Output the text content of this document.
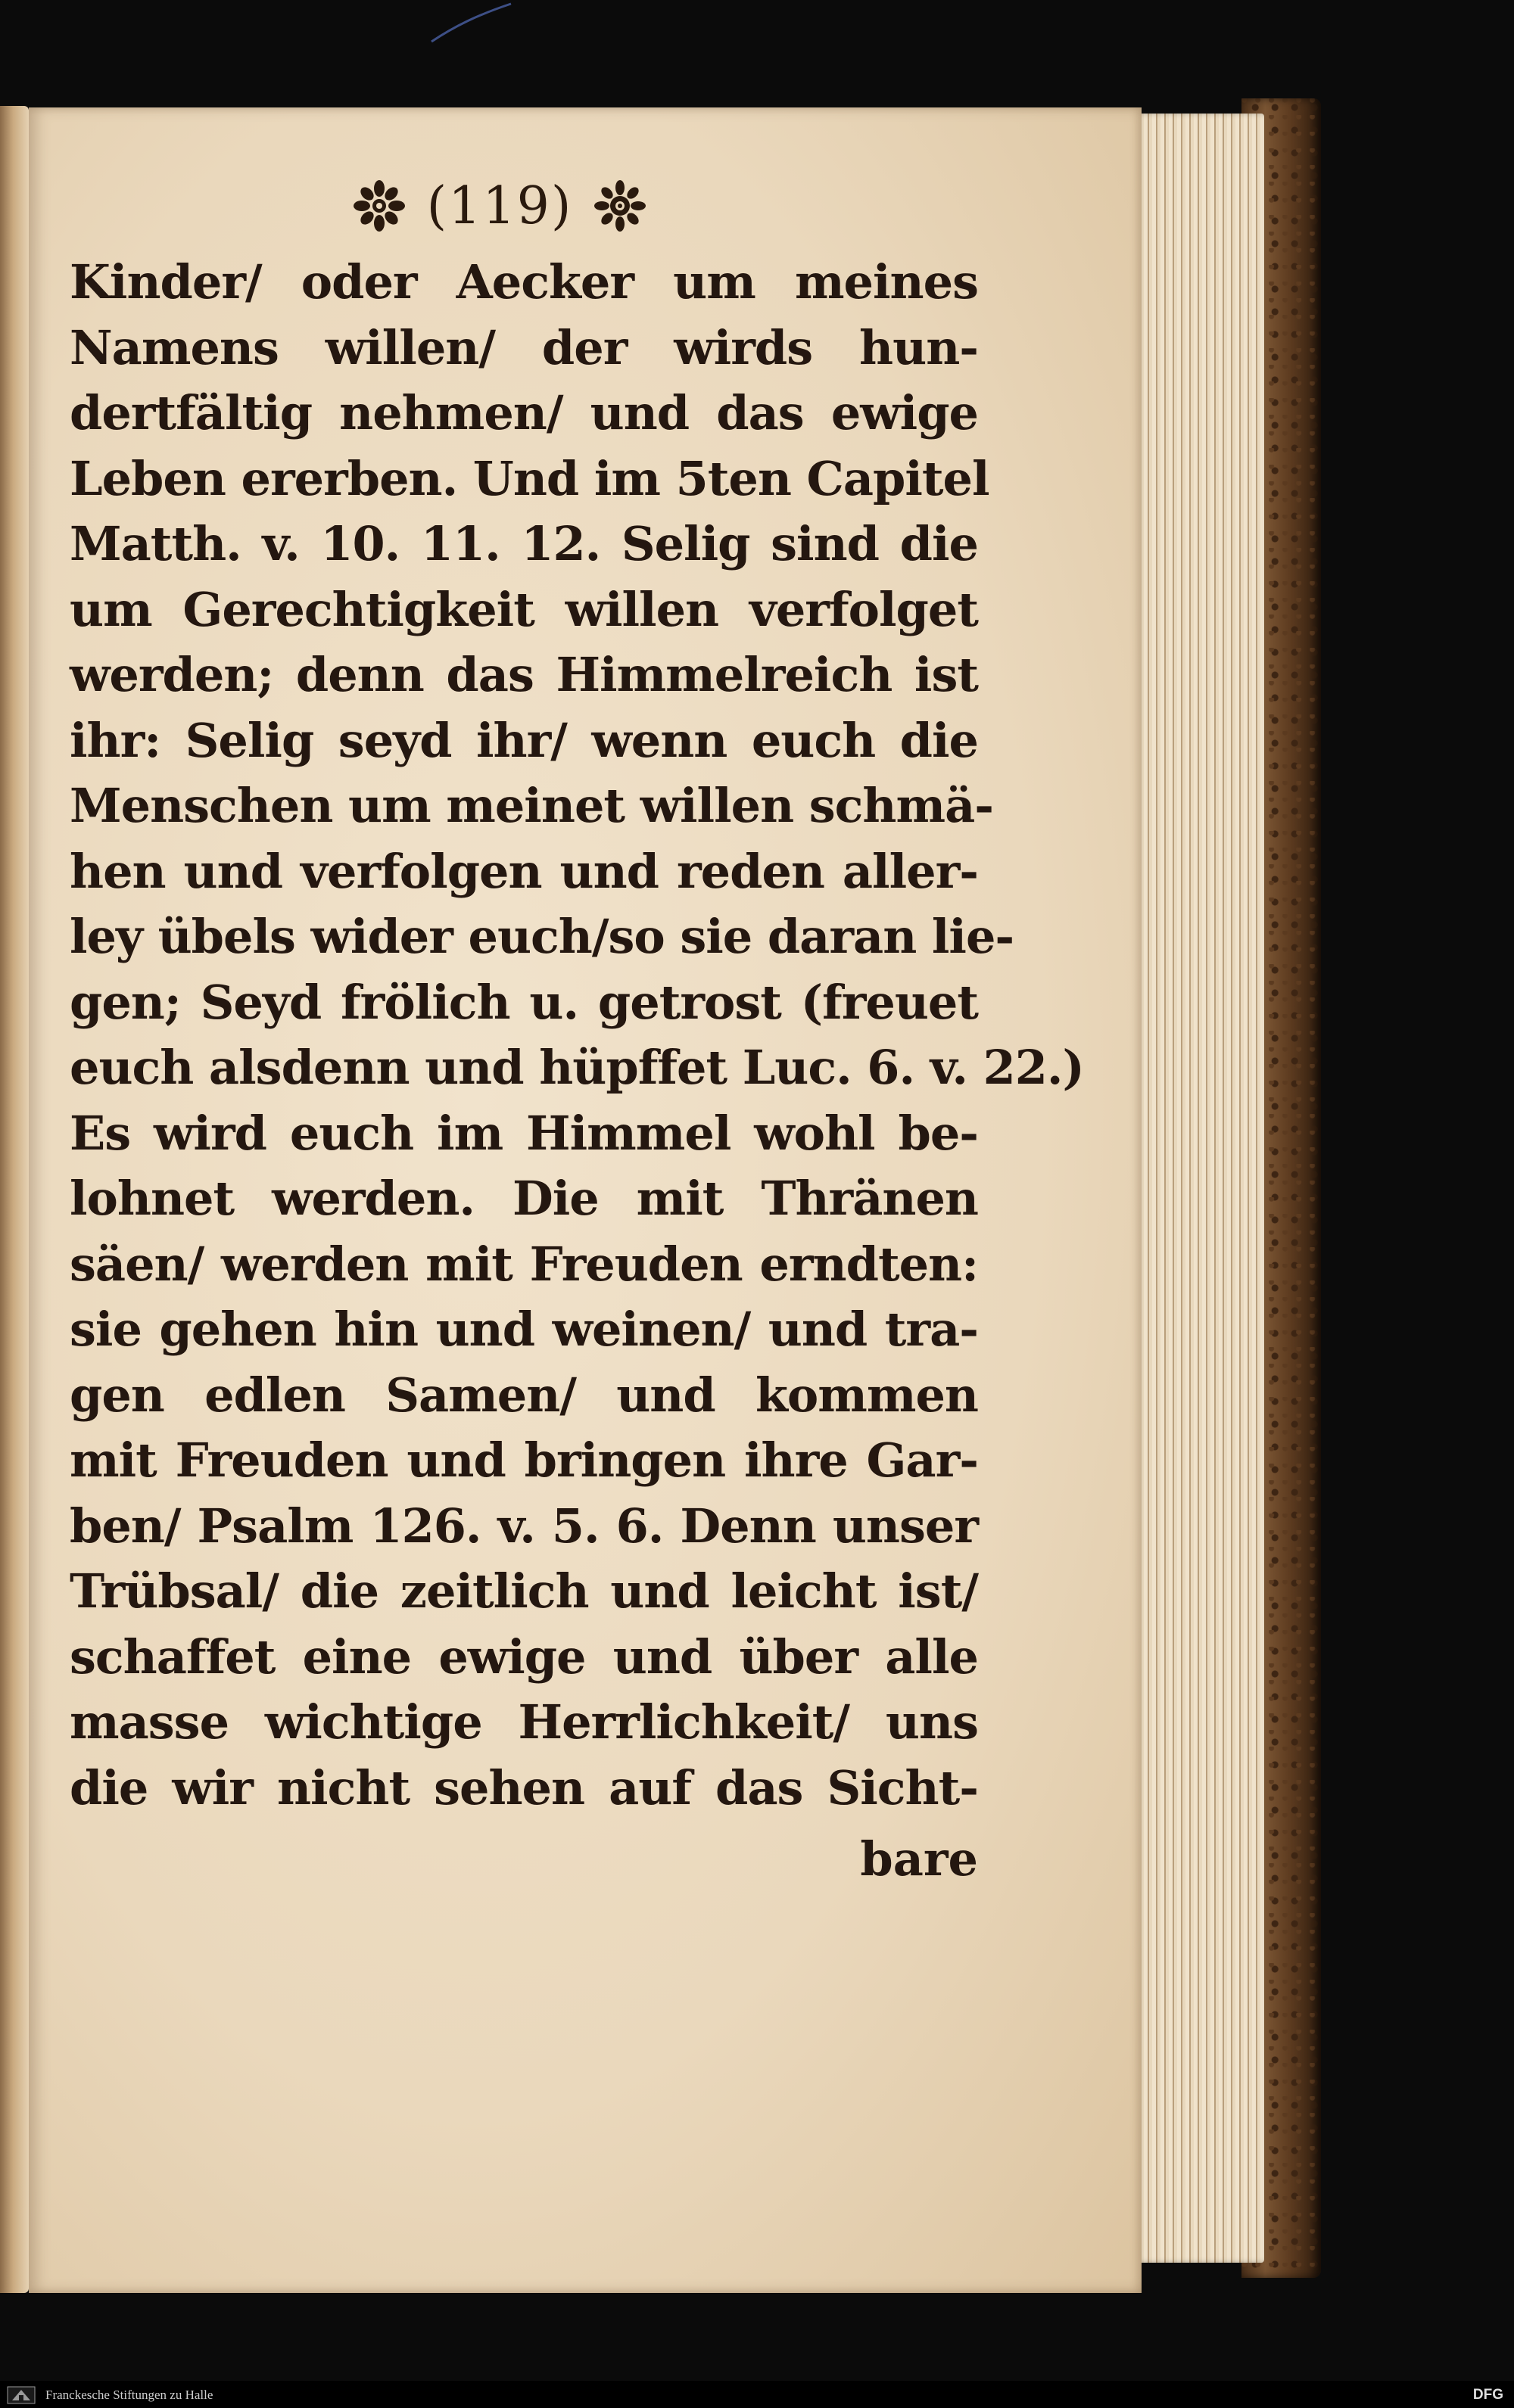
(119)
Kinder/ oder Aecker um meines
Namens willen/ der wirds hun-
dertfältig nehmen/ und das ewige
Leben ererben. Und im 5ten Capitel
Matth. v. 10. 11. 12. Selig sind die
um Gerechtigkeit willen verfolget
werden; denn das Himmelreich ist
ihr: Selig seyd ihr/ wenn euch die
Menschen um meinet willen schmä-
hen und verfolgen und reden aller-
ley übels wider euch/so sie daran lie-
gen; Seyd frölich u. getrost (freuet
euch alsdenn und hüpffet Luc. 6. v. 22.)
Es wird euch im Himmel wohl be-
lohnet werden. Die mit Thränen
säen/ werden mit Freuden erndten:
sie gehen hin und weinen/ und tra-
gen edlen Samen/ und kommen
mit Freuden und bringen ihre Gar-
ben/ Psalm 126. v. 5. 6. Denn unser
Trübsal/ die zeitlich und leicht ist/
schaffet eine ewige und über alle
masse wichtige Herrlichkeit/ uns
die wir nicht sehen auf das Sicht-
bare
Franckesche Stiftungen zu Halle	DFG
